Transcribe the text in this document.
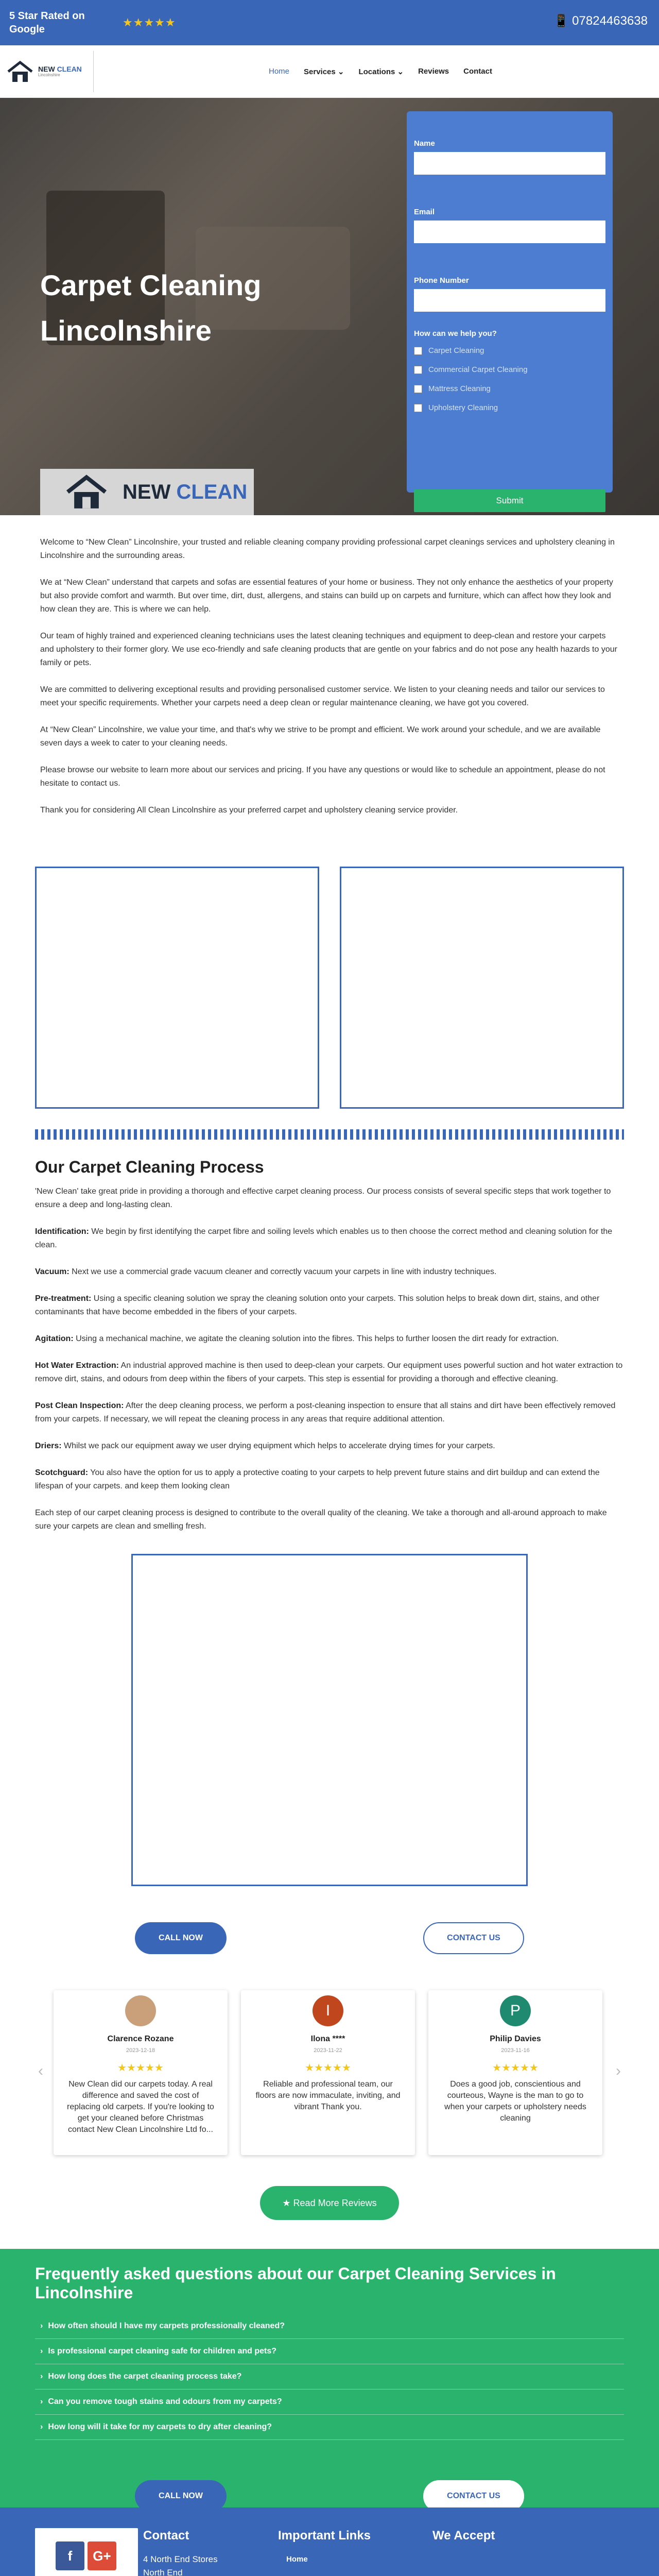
5 Star Rated on Google
★★★★★	📱 07824463638
NEW CLEAN
Lincolnshire	Home Services ⌄ Locations ⌄ Reviews Contact
Carpet Cleaning
Lincolnshire
NEW CLEAN
Name
Email
Phone Number
How can we help you?
Carpet Cleaning
Commercial Carpet Cleaning
Mattress Cleaning
Upholstery Cleaning
Submit

Welcome to “New Clean” Lincolnshire, your trusted and reliable cleaning company providing professional carpet cleanings services and upholstery cleaning in Lincolnshire and the surrounding areas.

We at “New Clean” understand that carpets and sofas are essential features of your home or business. They not only enhance the aesthetics of your property but also provide comfort and warmth. But over time, dirt, dust, allergens, and stains can build up on carpets and furniture, which can affect how they look and how clean they are. This is where we can help.

Our team of highly trained and experienced cleaning technicians uses the latest cleaning techniques and equipment to deep-clean and restore your carpets and upholstery to their former glory. We use eco-friendly and safe cleaning products that are gentle on your fabrics and do not pose any health hazards to your family or pets.

We are committed to delivering exceptional results and providing personalised customer service. We listen to your cleaning needs and tailor our services to meet your specific requirements. Whether your carpets need a deep clean or regular maintenance cleaning, we have got you covered.

At “New Clean” Lincolnshire, we value your time, and that's why we strive to be prompt and efficient. We work around your schedule, and we are available seven days a week to cater to your cleaning needs.

Please browse our website to learn more about our services and pricing. If you have any questions or would like to schedule an appointment, please do not hesitate to contact us.

Thank you for considering All Clean Lincolnshire as your preferred carpet and upholstery cleaning service provider.

Our Carpet Cleaning Process

'New Clean' take great pride in providing a thorough and effective carpet cleaning process. Our process consists of several specific steps that work together to ensure a deep and long-lasting clean.

Identification: We begin by first identifying the carpet fibre and soiling levels which enables us to then choose the correct method and cleaning solution for the clean.

Vacuum: Next we use a commercial grade vacuum cleaner and correctly vacuum your carpets in line with industry techniques.

Pre-treatment: Using a specific cleaning solution we spray the cleaning solution onto your carpets. This solution helps to break down dirt, stains, and other contaminants that have become embedded in the fibers of your carpets.

Agitation: Using a mechanical machine, we agitate the cleaning solution into the fibres. This helps to further loosen the dirt ready for extraction.

Hot Water Extraction: An industrial approved machine is then used to deep-clean your carpets. Our equipment uses powerful suction and hot water extraction to remove dirt, stains, and odours from deep within the fibers of your carpets. This step is essential for providing a thorough and effective cleaning.

Post Clean Inspection: After the deep cleaning process, we perform a post-cleaning inspection to ensure that all stains and dirt have been effectively removed from your carpets. If necessary, we will repeat the cleaning process in any areas that require additional attention.

Driers: Whilst we pack our equipment away we user drying equipment which helps to accelerate drying times for your carpets.

Scotchguard: You also have the option for us to apply a protective coating to your carpets to help prevent future stains and dirt buildup and can extend the lifespan of your carpets. and keep them looking clean

Each step of our carpet cleaning process is designed to contribute to the overall quality of the cleaning. We take a thorough and all-around approach to make sure your carpets are clean and smelling fresh.

CALL NOW	CONTACT US
‹	›
Clarence Rozane
2023-12-18
★★★★★
New Clean did our carpets today. A real difference and saved the cost of replacing old carpets. If you're looking to get your cleaned before Christmas contact New Clean Lincolnshire Ltd fo...
I
Ilona ****
2023-11-22
★★★★★
Reliable and professional team, our floors are now immaculate, inviting, and vibrant Thank you.
P
Philip Davies
2023-11-16
★★★★★
Does a good job, conscientious and courteous, Wayne is the man to go to when your carpets or upholstery needs cleaning
★ Read More Reviews
Frequently asked questions about our Carpet Cleaning Services in Lincolnshire
› How often should I have my carpets professionally cleaned?
› Is professional carpet cleaning safe for children and pets?
› How long does the carpet cleaning process take?
› Can you remove tough stains and odours from my carpets?
› How long will it take for my carpets to dry after cleaning?
CALL NOW	CONTACT US
f	G+
Contact
4 North End Stores
North End
Important Links
Home
We Accept
